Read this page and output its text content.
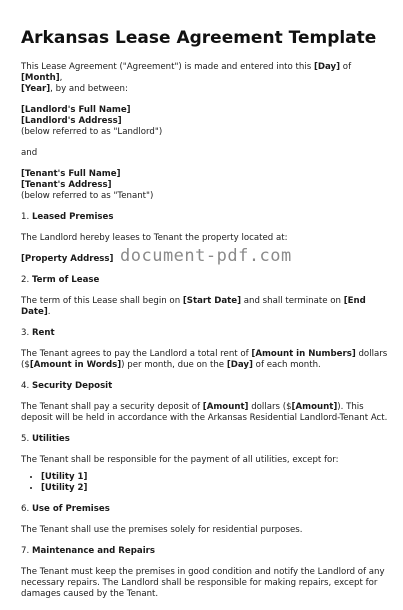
Arkansas Lease Agreement Template
This Lease Agreement ("Agreement") is made and entered into this [Day] of [Month],
[Year], by and between:
[Landlord's Full Name]
[Landlord's Address]
(below referred to as "Landlord")
and
[Tenant's Full Name]
[Tenant's Address]
(below referred to as "Tenant")
1. Leased Premises
The Landlord hereby leases to Tenant the property located at:
[Property Address]
2. Term of Lease
The term of this Lease shall begin on [Start Date] and shall terminate on [End Date].
3. Rent
The Tenant agrees to pay the Landlord a total rent of [Amount in Numbers] dollars ($[Amount in Words]) per month, due on the [Day] of each month.
4. Security Deposit
The Tenant shall pay a security deposit of [Amount] dollars ($[Amount]). This deposit will be held in accordance with the Arkansas Residential Landlord-Tenant Act.
5. Utilities
The Tenant shall be responsible for the payment of all utilities, except for:
• [Utility 1]
• [Utility 2]
6. Use of Premises
The Tenant shall use the premises solely for residential purposes.
7. Maintenance and Repairs
The Tenant must keep the premises in good condition and notify the Landlord of any necessary repairs. The Landlord shall be responsible for making repairs, except for damages caused by the Tenant.
document-pdf.com
